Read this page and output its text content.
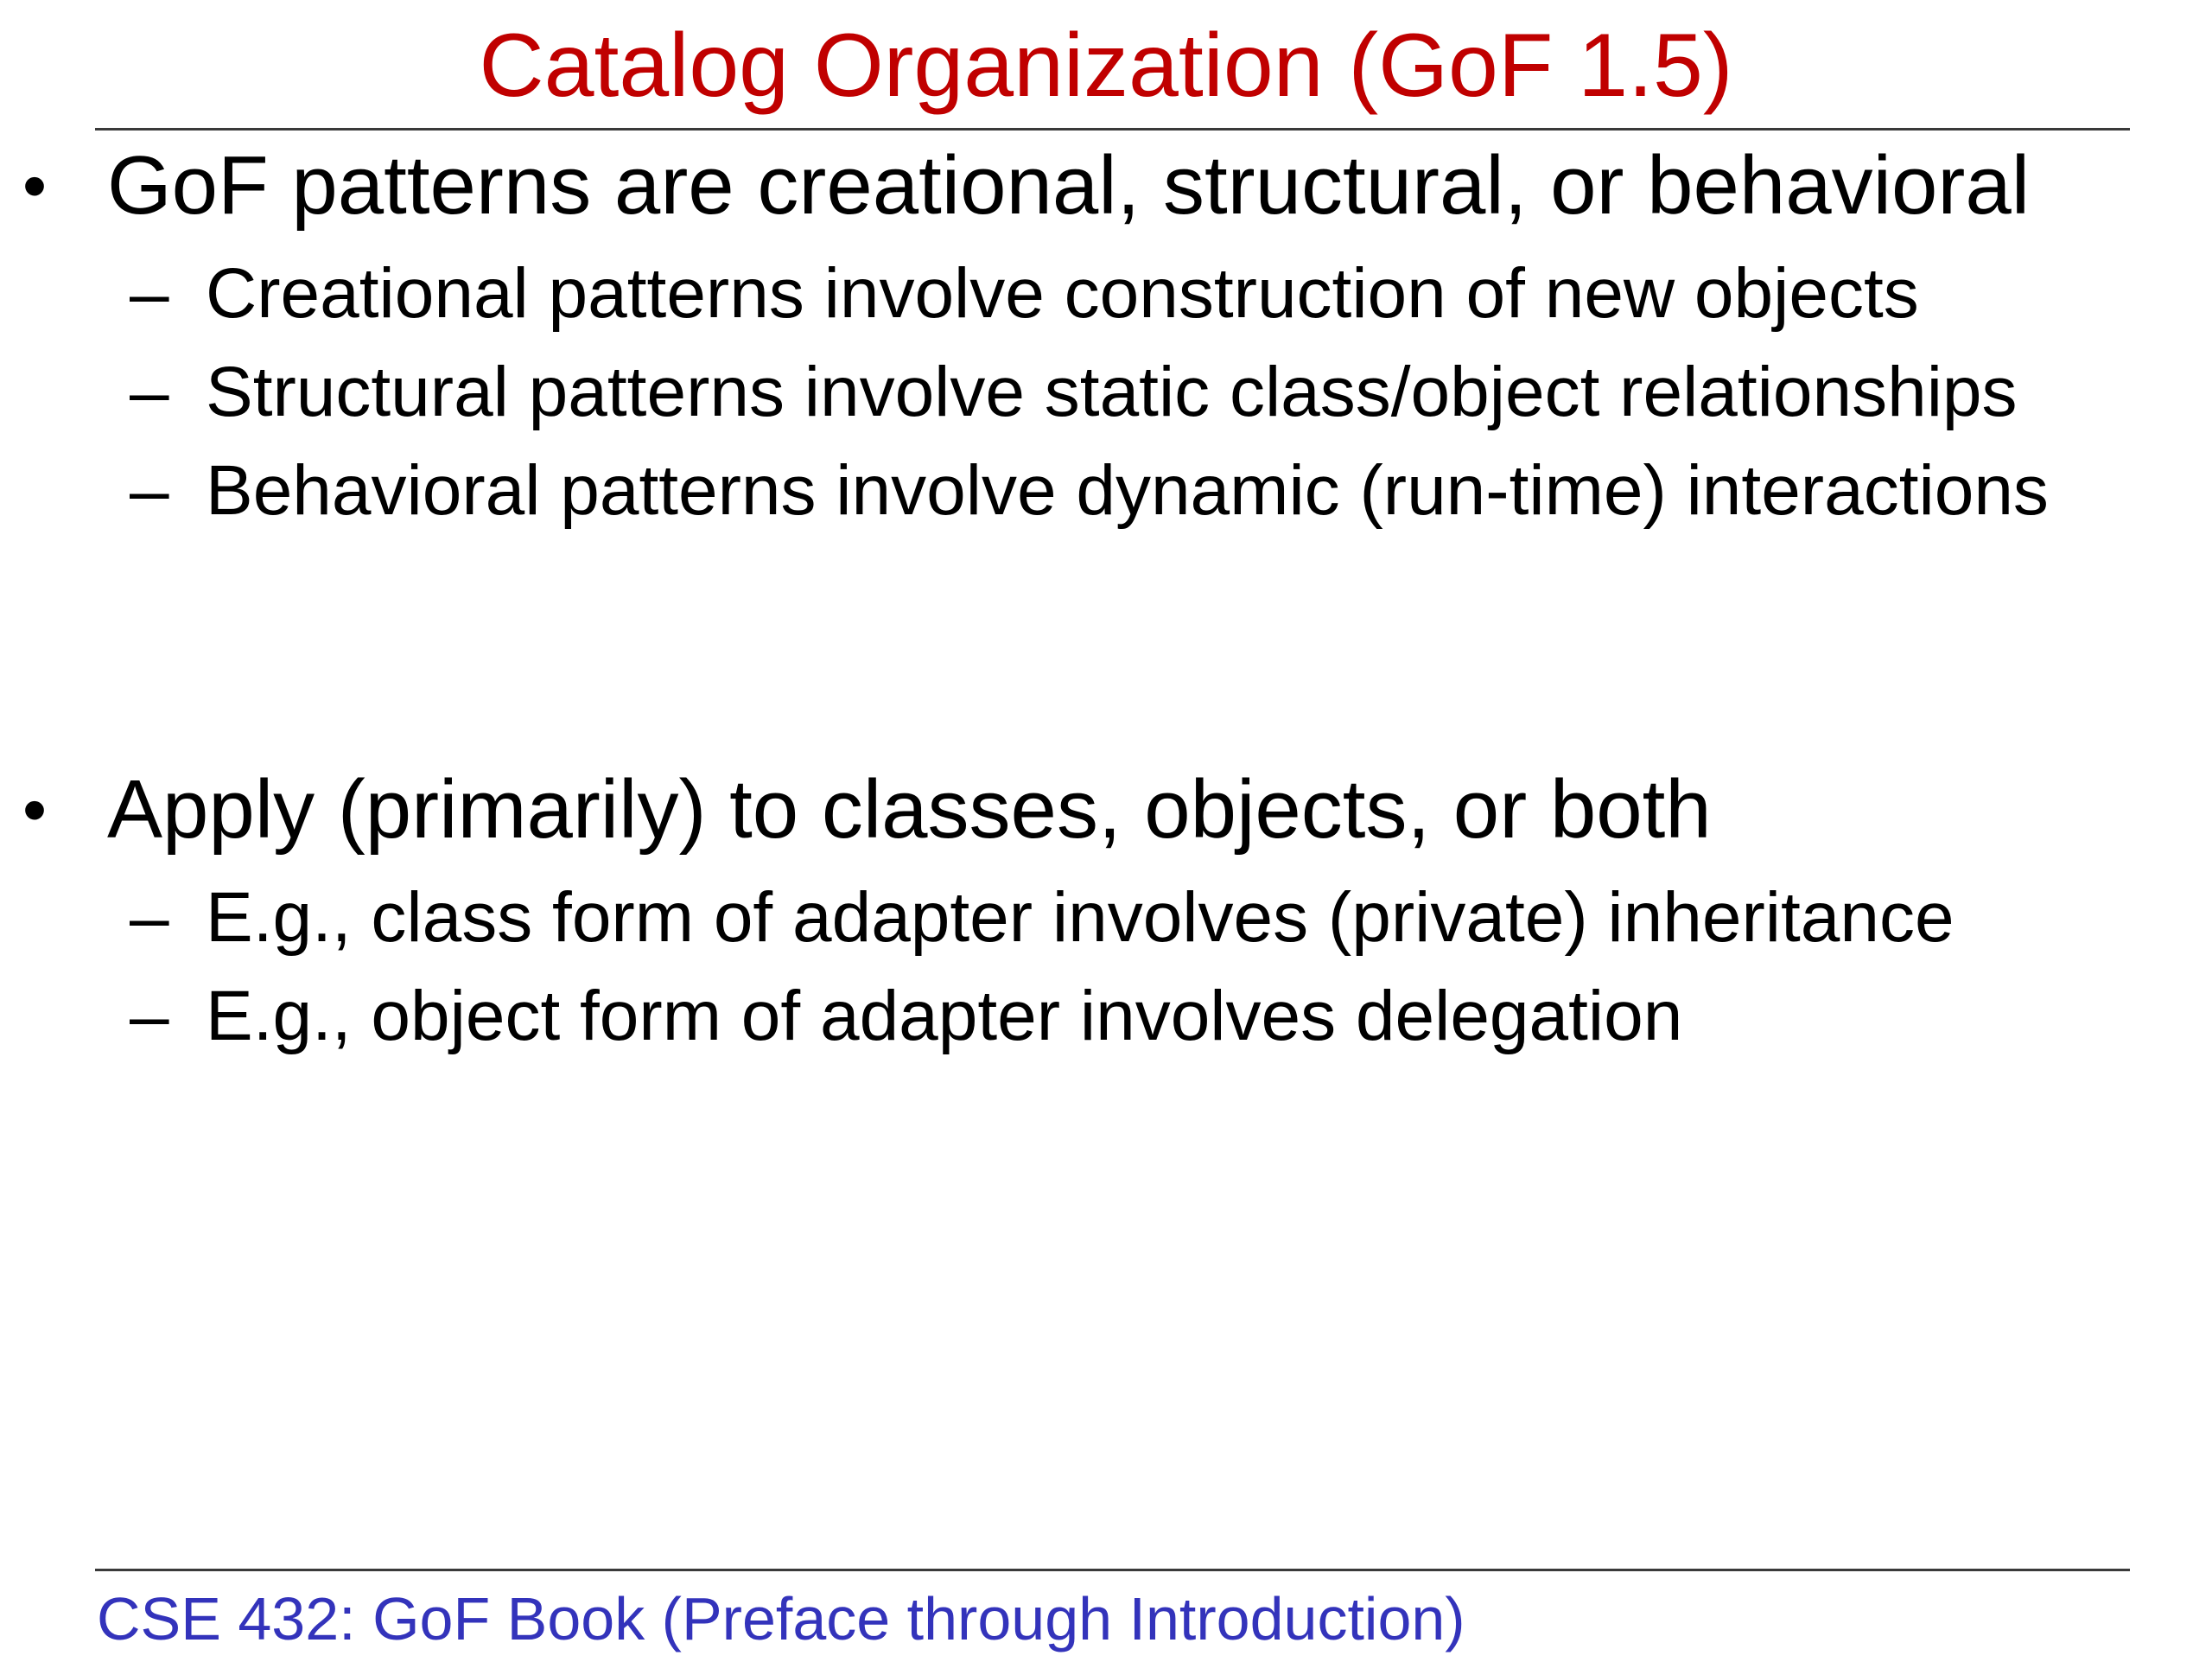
Catalog Organization (GoF 1.5)
• GoF patterns are creational, structural, or behavioral
– Creational patterns involve construction of new objects
– Structural patterns involve static class/object relationships
– Behavioral patterns involve dynamic (run-time) interactions
• Apply (primarily) to classes, objects, or both
– E.g., class form of adapter involves (private) inheritance
– E.g., object form of adapter involves delegation
CSE 432: GoF Book (Preface through Introduction)
